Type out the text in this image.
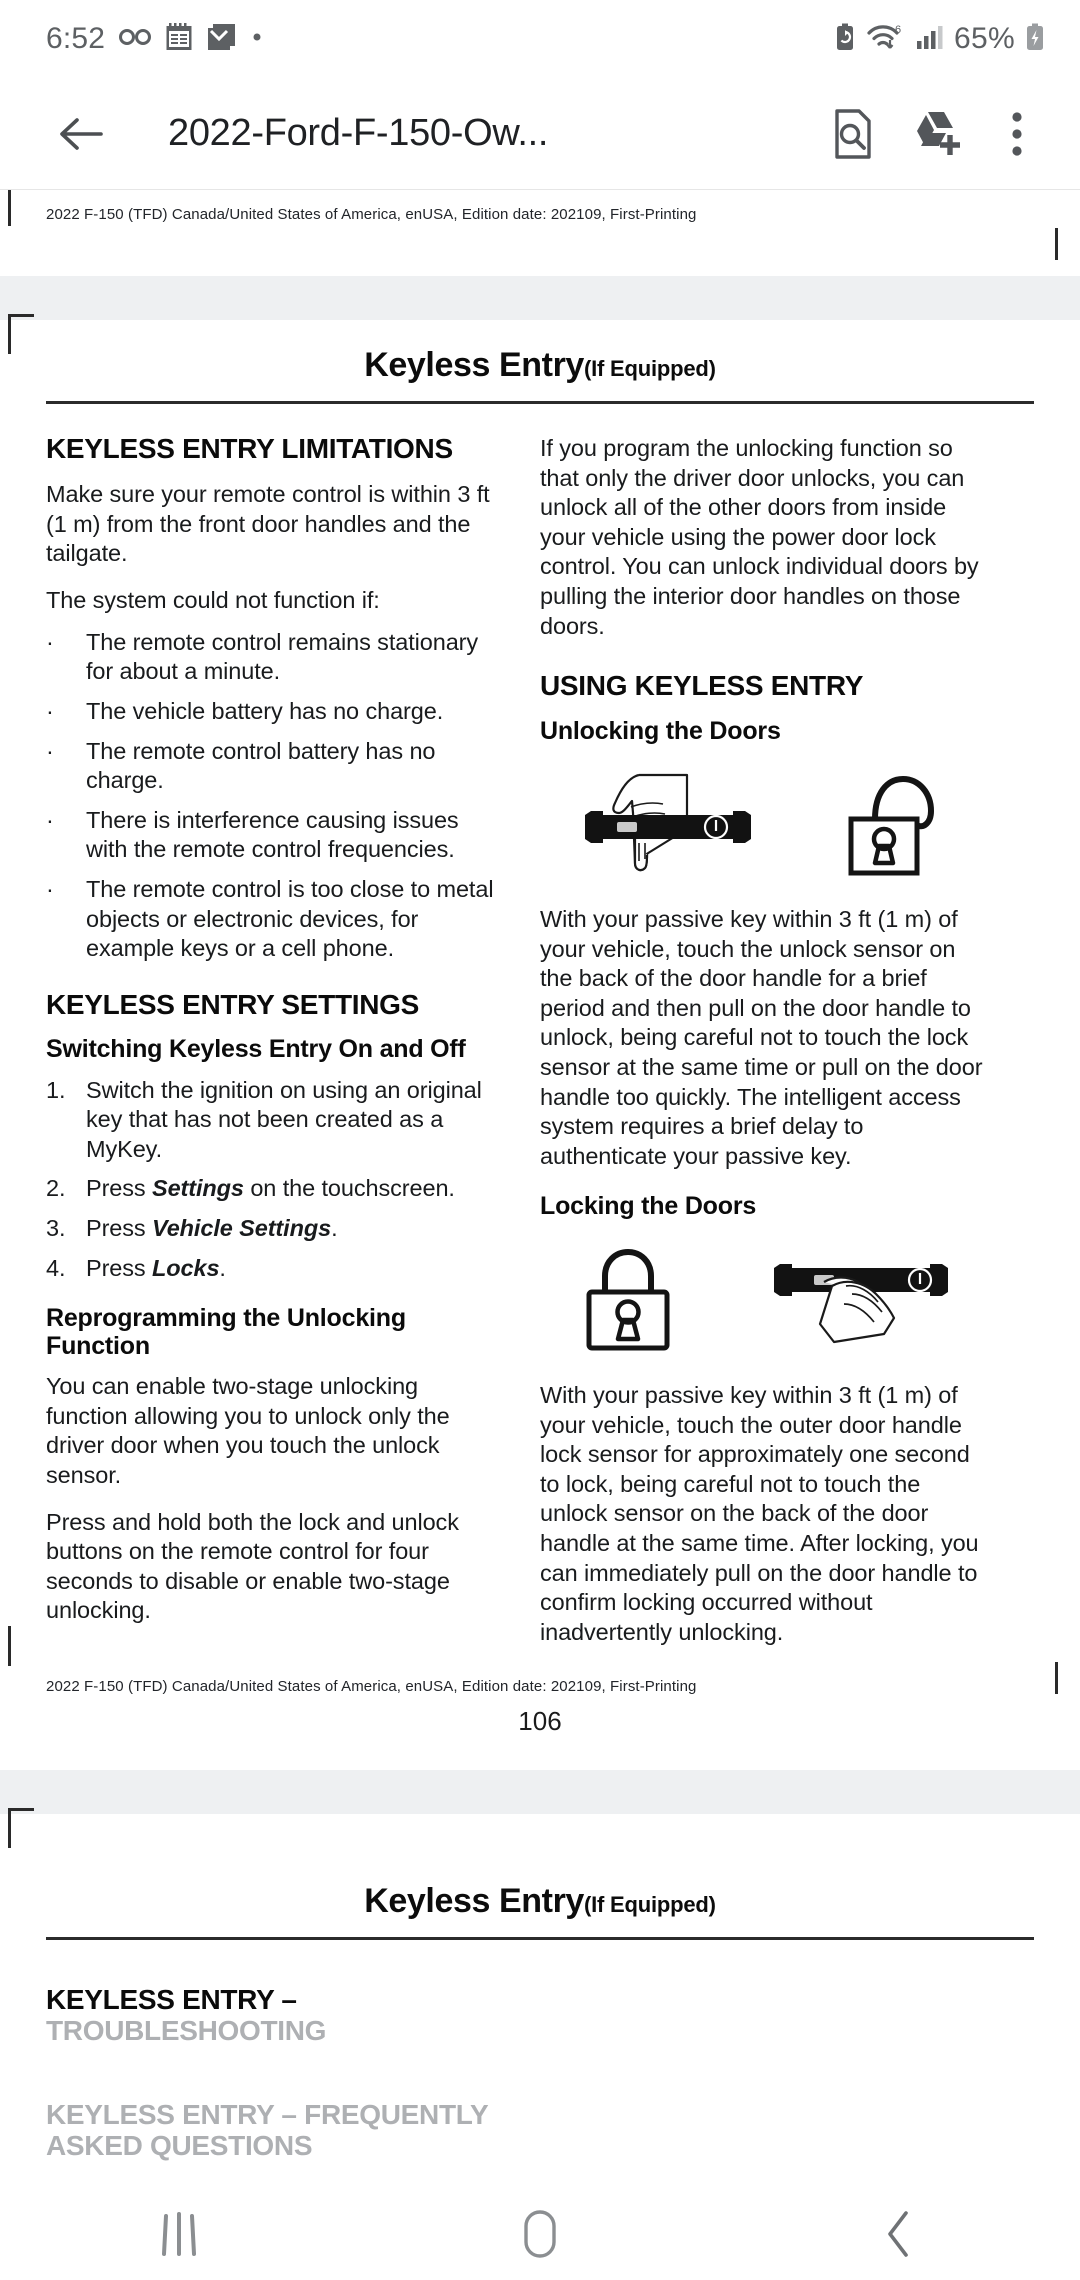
6:52	6 65%
2022-Ford-F-150-Ow...
2022 F-150 (TFD) Canada/United States of America, enUSA, Edition date: 202109, First-Printing
Keyless Entry(If Equipped)
KEYLESS ENTRY LIMITATIONS

Make sure your remote control is within 3 ft (1 m) from the front door handles and the tailgate.

The system could not function if:

·	The remote control remains stationary for about a minute.
·	The vehicle battery has no charge.
·	The remote control battery has no charge.
·	There is interference causing issues with the remote control frequencies.
·	The remote control is too close to metal objects or electronic devices, for example keys or a cell phone.
KEYLESS ENTRY SETTINGS
Switching Keyless Entry On and Off
1. Switch the ignition on using an original key that has not been created as a MyKey.
2. Press Settings on the touchscreen.
3. Press Vehicle Settings.
4. Press Locks.
Reprogramming the Unlocking Function

You can enable two-stage unlocking function allowing you to unlock only the driver door when you touch the unlock sensor.

Press and hold both the lock and unlock buttons on the remote control for four seconds to disable or enable two-stage unlocking.

If you program the unlocking function so that only the driver door unlocks, you can unlock all of the other doors from inside your vehicle using the power door lock control. You can unlock individual doors by pulling the interior door handles on those doors.

USING KEYLESS ENTRY
Unlocking the Doors

With your passive key within 3 ft (1 m) of your vehicle, touch the unlock sensor on the back of the door handle for a brief period and then pull on the door handle to unlock, being careful not to touch the lock sensor at the same time or pull on the door handle too quickly. The intelligent access system requires a brief delay to authenticate your passive key.

Locking the Doors

With your passive key within 3 ft (1 m) of your vehicle, touch the outer door handle lock sensor for approximately one second to lock, being careful not to touch the unlock sensor on the back of the door handle at the same time. After locking, you can immediately pull on the door handle to confirm locking occurred without inadvertently unlocking.

106
2022 F-150 (TFD) Canada/United States of America, enUSA, Edition date: 202109, First-Printing
Keyless Entry(If Equipped)
KEYLESS ENTRY –
TROUBLESHOOTING
KEYLESS ENTRY – FREQUENTLY
ASKED QUESTIONS
